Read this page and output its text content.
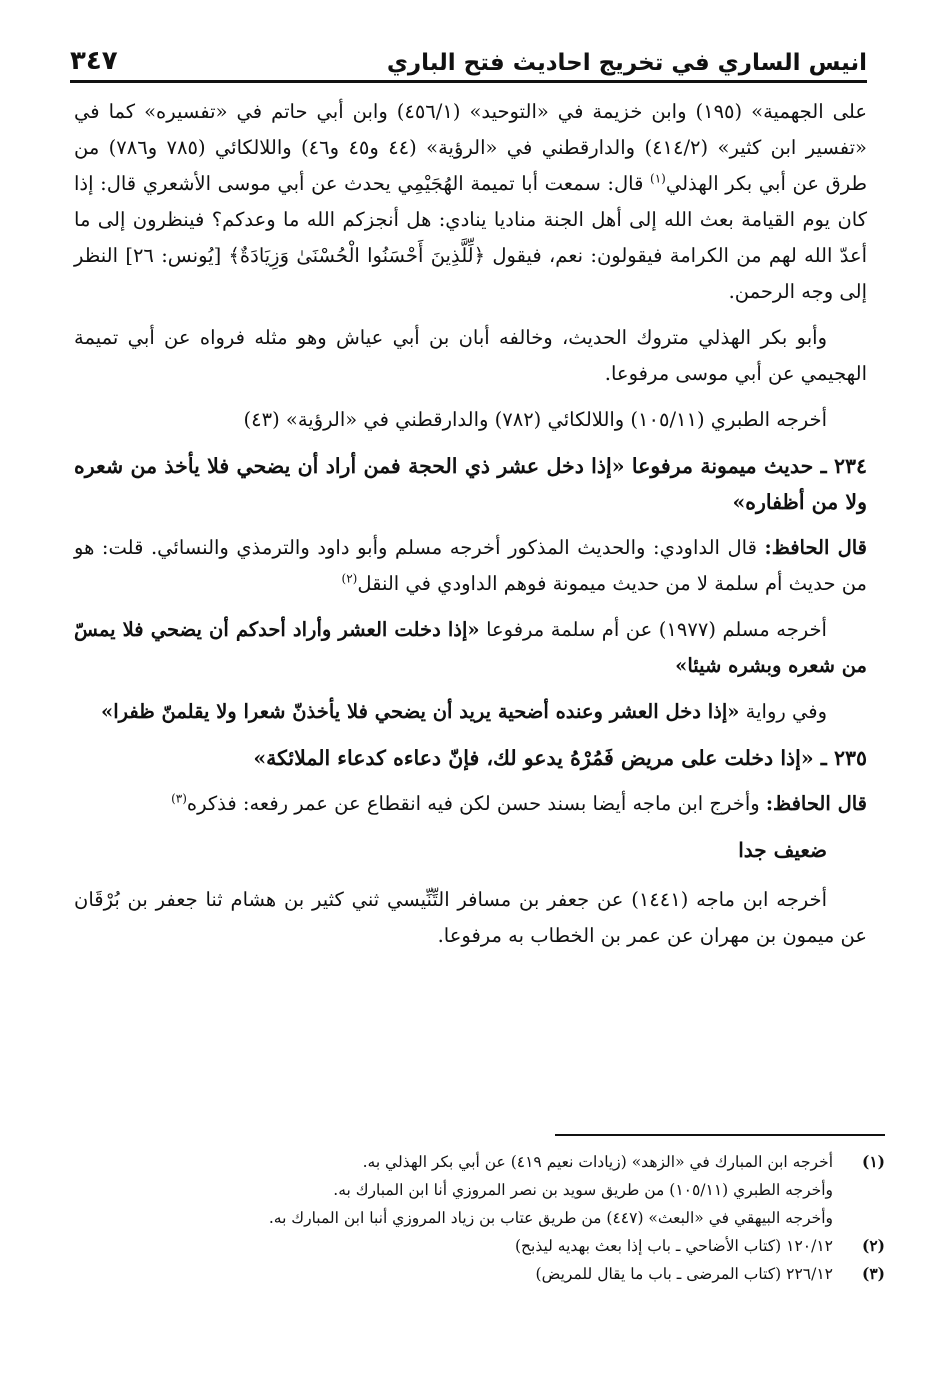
انيس الساري في تخريج احاديث فتح الباري
٣٤٧

على الجهمية» (١٩٥) وابن خزيمة في «التوحيد» (٤٥٦/١) وابن أبي حاتم في «تفسيره» كما في «تفسير ابن كثير» (٤١٤/٢) والدارقطني في «الرؤية» (٤٤ و٤٥ و٤٦) واللالكائي (٧٨٥ و٧٨٦) من طرق عن أبي بكر الهذلي$^{(١)}$ قال: سمعت أبا تميمة الهُجَيْمِي يحدث عن أبي موسى الأشعري قال: إذا كان يوم القيامة بعث الله إلى أهل الجنة مناديا ينادي: هل أنجزكم الله ما وعدكم؟ فينظرون إلى ما أعدّ الله لهم من الكرامة فيقولون: نعم، فيقول ﴿لِّلَّذِينَ أَحْسَنُوا الْحُسْنَىٰ وَزِيَادَةٌ﴾ [يُونس: ٢٦] النظر إلى وجه الرحمن.

وأبو بكر الهذلي متروك الحديث، وخالفه أبان بن أبي عياش وهو مثله فرواه عن أبي تميمة الهجيمي عن أبي موسى مرفوعا.

أخرجه الطبري (١٠٥/١١) واللالكائي (٧٨٢) والدارقطني في «الرؤية» (٤٣)

٢٣٤ ـ حديث ميمونة مرفوعا «إذا دخل عشر ذي الحجة فمن أراد أن يضحي فلا يأخذ من شعره ولا من أظفاره»

قال الحافظ: قال الداودي: والحديث المذكور أخرجه مسلم وأبو داود والترمذي والنسائي. قلت: هو من حديث أم سلمة لا من حديث ميمونة فوهم الداودي في النقل$^{(٢)}$

أخرجه مسلم (١٩٧٧) عن أم سلمة مرفوعا «إذا دخلت العشر وأراد أحدكم أن يضحي فلا يمسّ من شعره وبشره شيئا»

وفي رواية «إذا دخل العشر وعنده أضحية يريد أن يضحي فلا يأخذنّ شعرا ولا يقلمنّ ظفرا»

٢٣٥ ـ «إذا دخلت على مريض فَمُرْهُ يدعو لك، فإنّ دعاءه كدعاء الملائكة»

قال الحافظ: وأخرج ابن ماجه أيضا بسند حسن لكن فيه انقطاع عن عمر رفعه: فذكره$^{(٣)}$

ضعيف جدا

أخرجه ابن ماجه (١٤٤١) عن جعفر بن مسافر التِّنِّيسي ثني كثير بن هشام ثنا جعفر بن بُرْقَان عن ميمون بن مهران عن عمر بن الخطاب به مرفوعا.

(١)
أخرجه ابن المبارك في «الزهد» (زيادات نعيم ٤١٩) عن أبي بكر الهذلي به.
وأخرجه الطبري (١٠٥/١١) من طريق سويد بن نصر المروزي أنا ابن المبارك به.
وأخرجه البيهقي في «البعث» (٤٤٧) من طريق عتاب بن زياد المروزي أنبا ابن المبارك به.
(٢)
١٢٠/١٢ (كتاب الأضاحي ـ باب إذا بعث بهديه ليذبح)
(٣)
٢٢٦/١٢ (كتاب المرضى ـ باب ما يقال للمريض)
